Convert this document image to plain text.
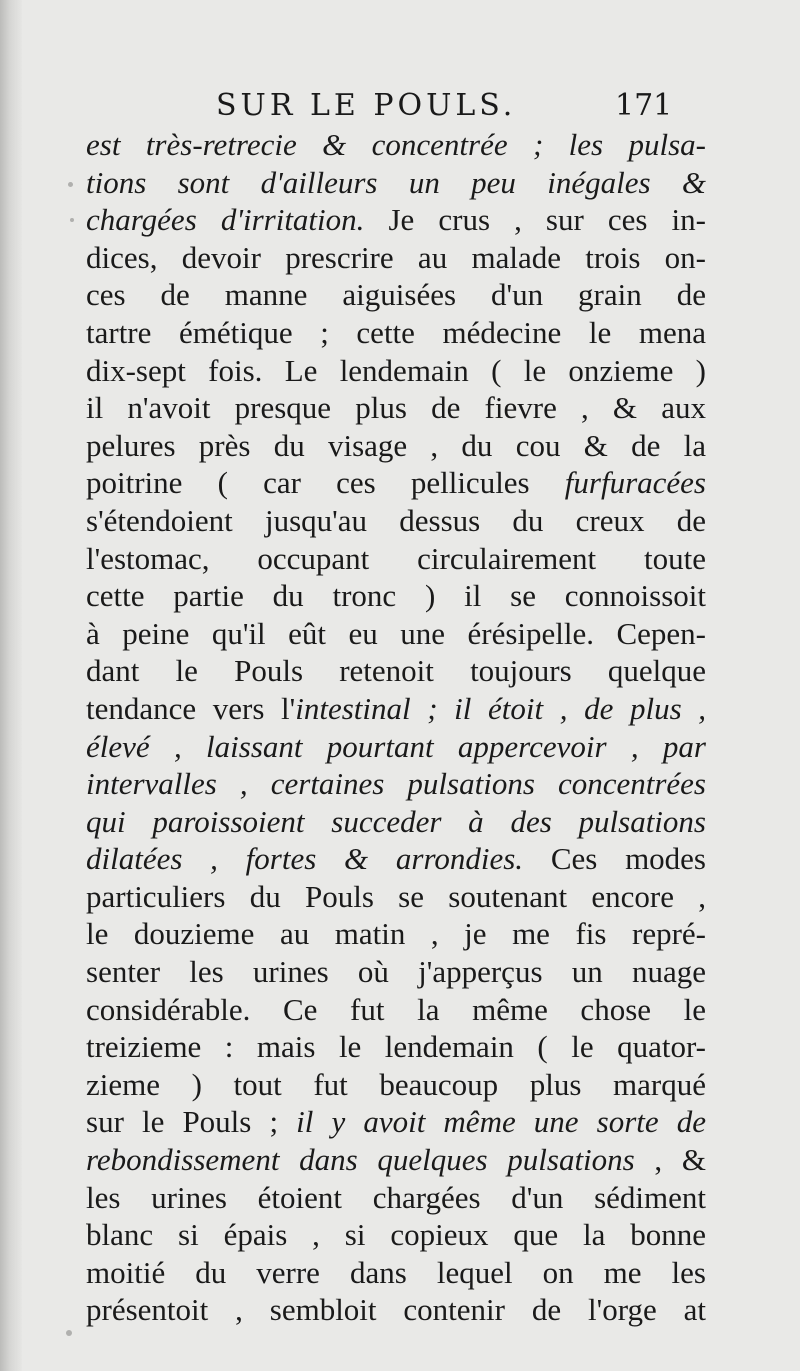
SUR LE POULS.	171
est très-retrecie & concentrée ; les pulsa-
tions sont d'ailleurs un peu inégales &
chargées d'irritation. Je crus , sur ces in-
dices, devoir prescrire au malade trois on-
ces de manne aiguisées d'un grain de
tartre émétique ; cette médecine le mena
dix-sept fois. Le lendemain ( le onzieme )
il n'avoit presque plus de fievre , & aux
pelures près du visage , du cou & de la
poitrine ( car ces pellicules furfuracées
s'étendoient jusqu'au dessus du creux de
l'estomac, occupant circulairement toute
cette partie du tronc ) il se connoissoit
à peine qu'il eût eu une érésipelle. Cepen-
dant le Pouls retenoit toujours quelque
tendance vers l'intestinal ; il étoit , de plus ,
élevé , laissant pourtant appercevoir , par
intervalles , certaines pulsations concentrées
qui paroissoient succeder à des pulsations
dilatées , fortes & arrondies. Ces modes
particuliers du Pouls se soutenant encore ,
le douzieme au matin , je me fis repré-
senter les urines où j'apperçus un nuage
considérable. Ce fut la même chose le
treizieme : mais le lendemain ( le quator-
zieme ) tout fut beaucoup plus marqué
sur le Pouls ; il y avoit même une sorte de
rebondissement dans quelques pulsations , &
les urines étoient chargées d'un sédiment
blanc si épais , si copieux que la bonne
moitié du verre dans lequel on me les
présentoit , sembloit contenir de l'orge at
